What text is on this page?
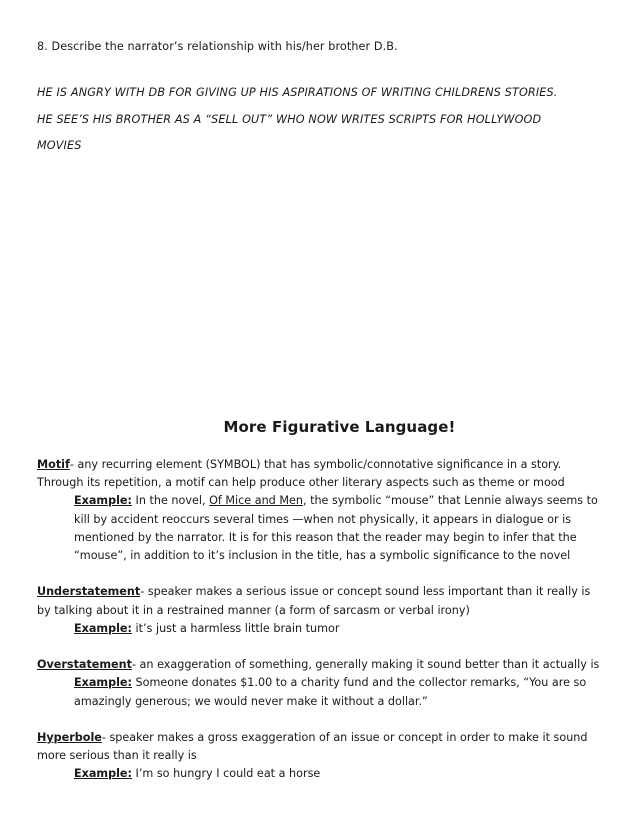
8. Describe the narrator’s relationship with his/her brother D.B.
HE IS ANGRY WITH DB FOR GIVING UP HIS ASPIRATIONS OF WRITING CHILDRENS STORIES.
HE SEE’S HIS BROTHER AS A “SELL OUT” WHO NOW WRITES SCRIPTS FOR HOLLYWOOD
MOVIES
More Figurative Language!
Motif- any recurring element (SYMBOL) that has symbolic/connotative significance in a story. Through its repetition, a motif can help produce other literary aspects such as theme or mood
Example: In the novel, Of Mice and Men, the symbolic “mouse” that Lennie always seems to kill by accident reoccurs several times —when not physically, it appears in dialogue or is mentioned by the narrator. It is for this reason that the reader may begin to infer that the “mouse”, in addition to it’s inclusion in the title, has a symbolic significance to the novel
Understatement- speaker makes a serious issue or concept sound less important than it really is by talking about it in a restrained manner (a form of sarcasm or verbal irony)
Example: it’s just a harmless little brain tumor
Overstatement- an exaggeration of something, generally making it sound better than it actually is
Example: Someone donates $1.00 to a charity fund and the collector remarks, “You are so amazingly generous; we would never make it without a dollar.”
Hyperbole- speaker makes a gross exaggeration of an issue or concept in order to make it sound more serious than it really is
Example: I’m so hungry I could eat a horse
